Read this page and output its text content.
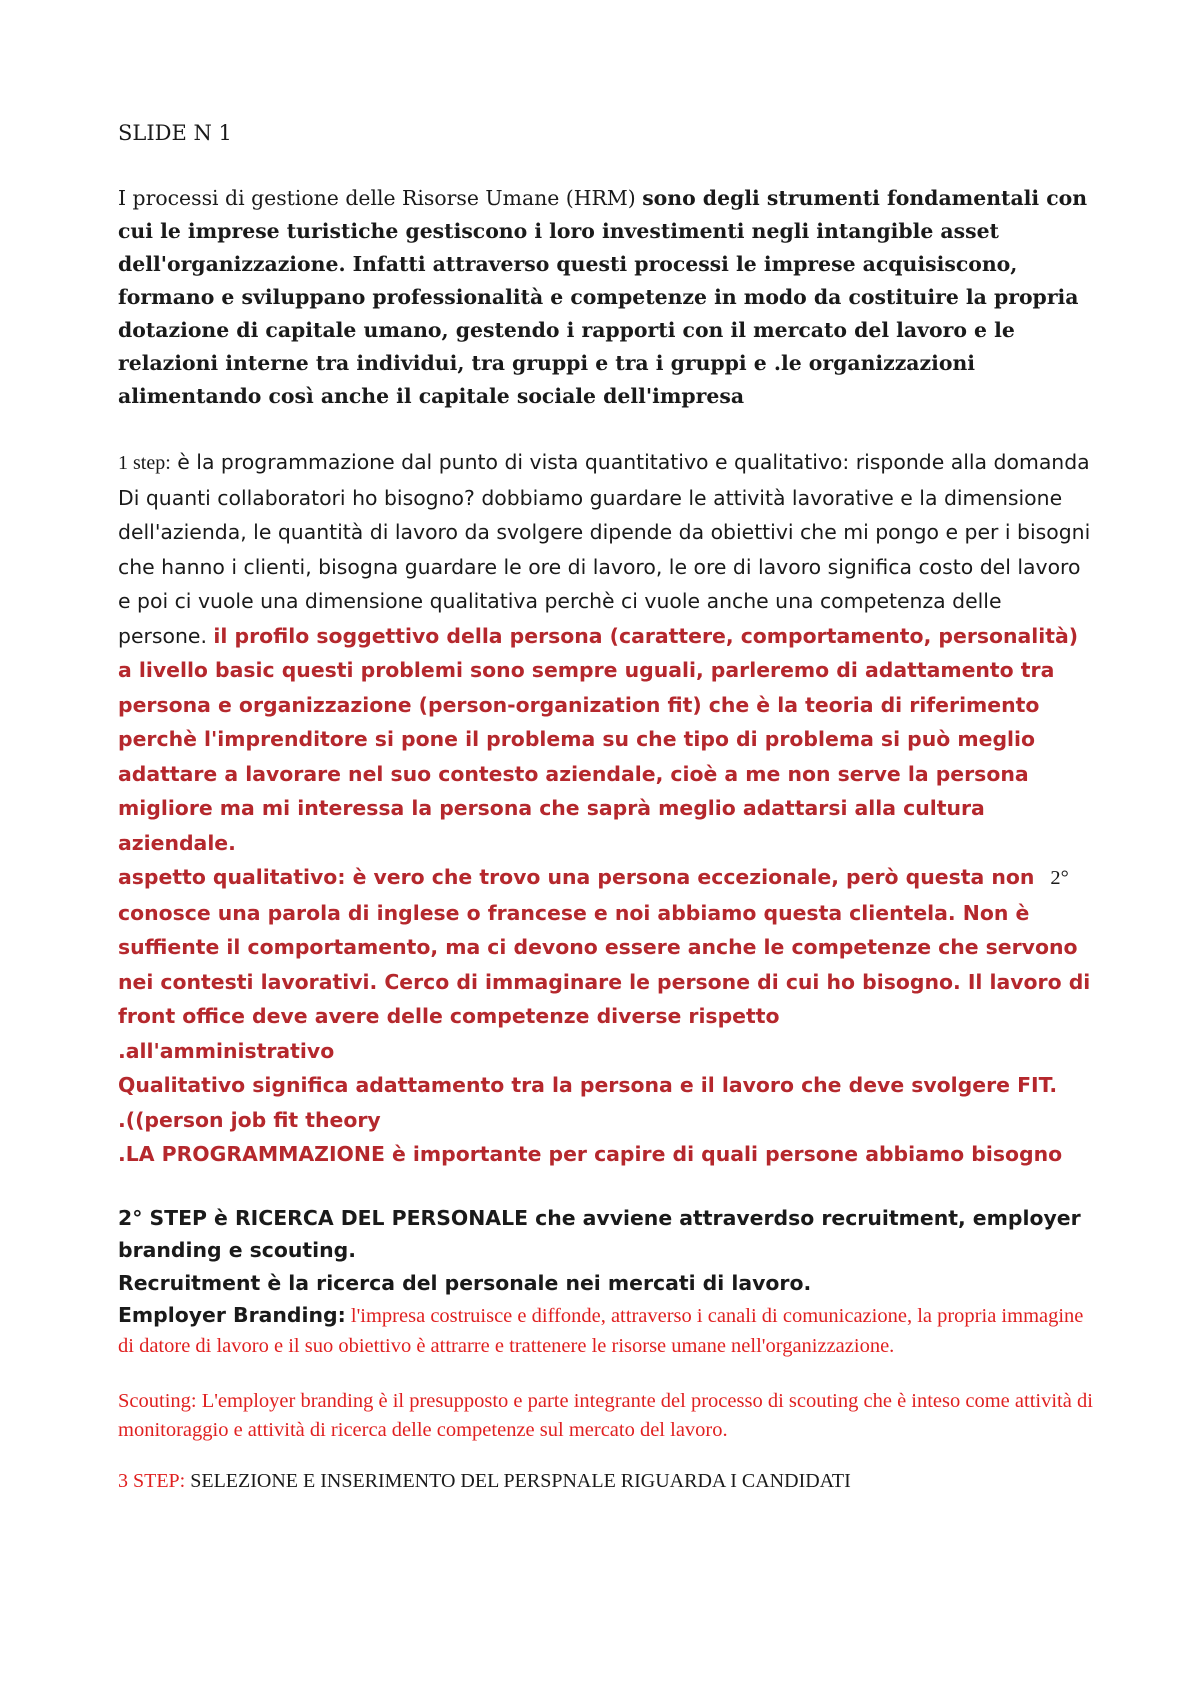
SLIDE N 1

I processi di gestione delle Risorse Umane (HRM) sono degli strumenti fondamentali con cui le imprese turistiche gestiscono i loro investimenti negli intangible asset dell'organizzazione. Infatti attraverso questi processi le imprese acquisiscono, formano e sviluppano professionalità e competenze in modo da costituire la propria dotazione di capitale umano, gestendo i rapporti con il mercato del lavoro e le relazioni interne tra individui, tra gruppi e tra i gruppi e .le organizzazioni alimentando così anche il capitale sociale dell'impresa

1 step: è la programmazione dal punto di vista quantitativo e qualitativo: risponde alla domanda Di quanti collaboratori ho bisogno? dobbiamo guardare le attività lavorative e la dimensione dell'azienda, le quantità di lavoro da svolgere dipende da obiettivi che mi pongo e per i bisogni che hanno i clienti, bisogna guardare le ore di lavoro, le ore di lavoro significa costo del lavoro e poi ci vuole una dimensione qualitativa perchè ci vuole anche una competenza delle persone. il profilo soggettivo della persona (carattere, comportamento, personalità) a livello basic questi problemi sono sempre uguali, parleremo di adattamento tra persona e organizzazione (person-organization fit) che è la teoria di riferimento perchè l'imprenditore si pone il problema su che tipo di problema si può meglio adattare a lavorare nel suo contesto aziendale, cioè a me non serve la persona migliore ma mi interessa la persona che saprà meglio adattarsi alla cultura aziendale.

aspetto qualitativo: è vero che trovo una persona eccezionale, però questa non 2° conosce una parola di inglese o francese e noi abbiamo questa clientela. Non è suffiente il comportamento, ma ci devono essere anche le competenze che servono nei contesti lavorativi. Cerco di immaginare le persone di cui ho bisogno. Il lavoro di front office deve avere delle competenze diverse rispetto

.all'amministrativo

Qualitativo significa adattamento tra la persona e il lavoro che deve svolgere FIT.

.((person job fit theory

.LA PROGRAMMAZIONE è importante per capire di quali persone abbiamo bisogno

2° STEP è RICERCA DEL PERSONALE che avviene attraverdso recruitment, employer branding e scouting.

Recruitment è la ricerca del personale nei mercati di lavoro.

Employer Branding: l'impresa costruisce e diffonde, attraverso i canali di comunicazione, la propria immagine di datore di lavoro e il suo obiettivo è attrarre e trattenere le risorse umane nell'organizzazione.

Scouting: L'employer branding è il presupposto e parte integrante del processo di scouting che è inteso come attività di monitoraggio e attività di ricerca delle competenze sul mercato del lavoro.

3 STEP: SELEZIONE E INSERIMENTO DEL PERSPNALE RIGUARDA I CANDIDATI
